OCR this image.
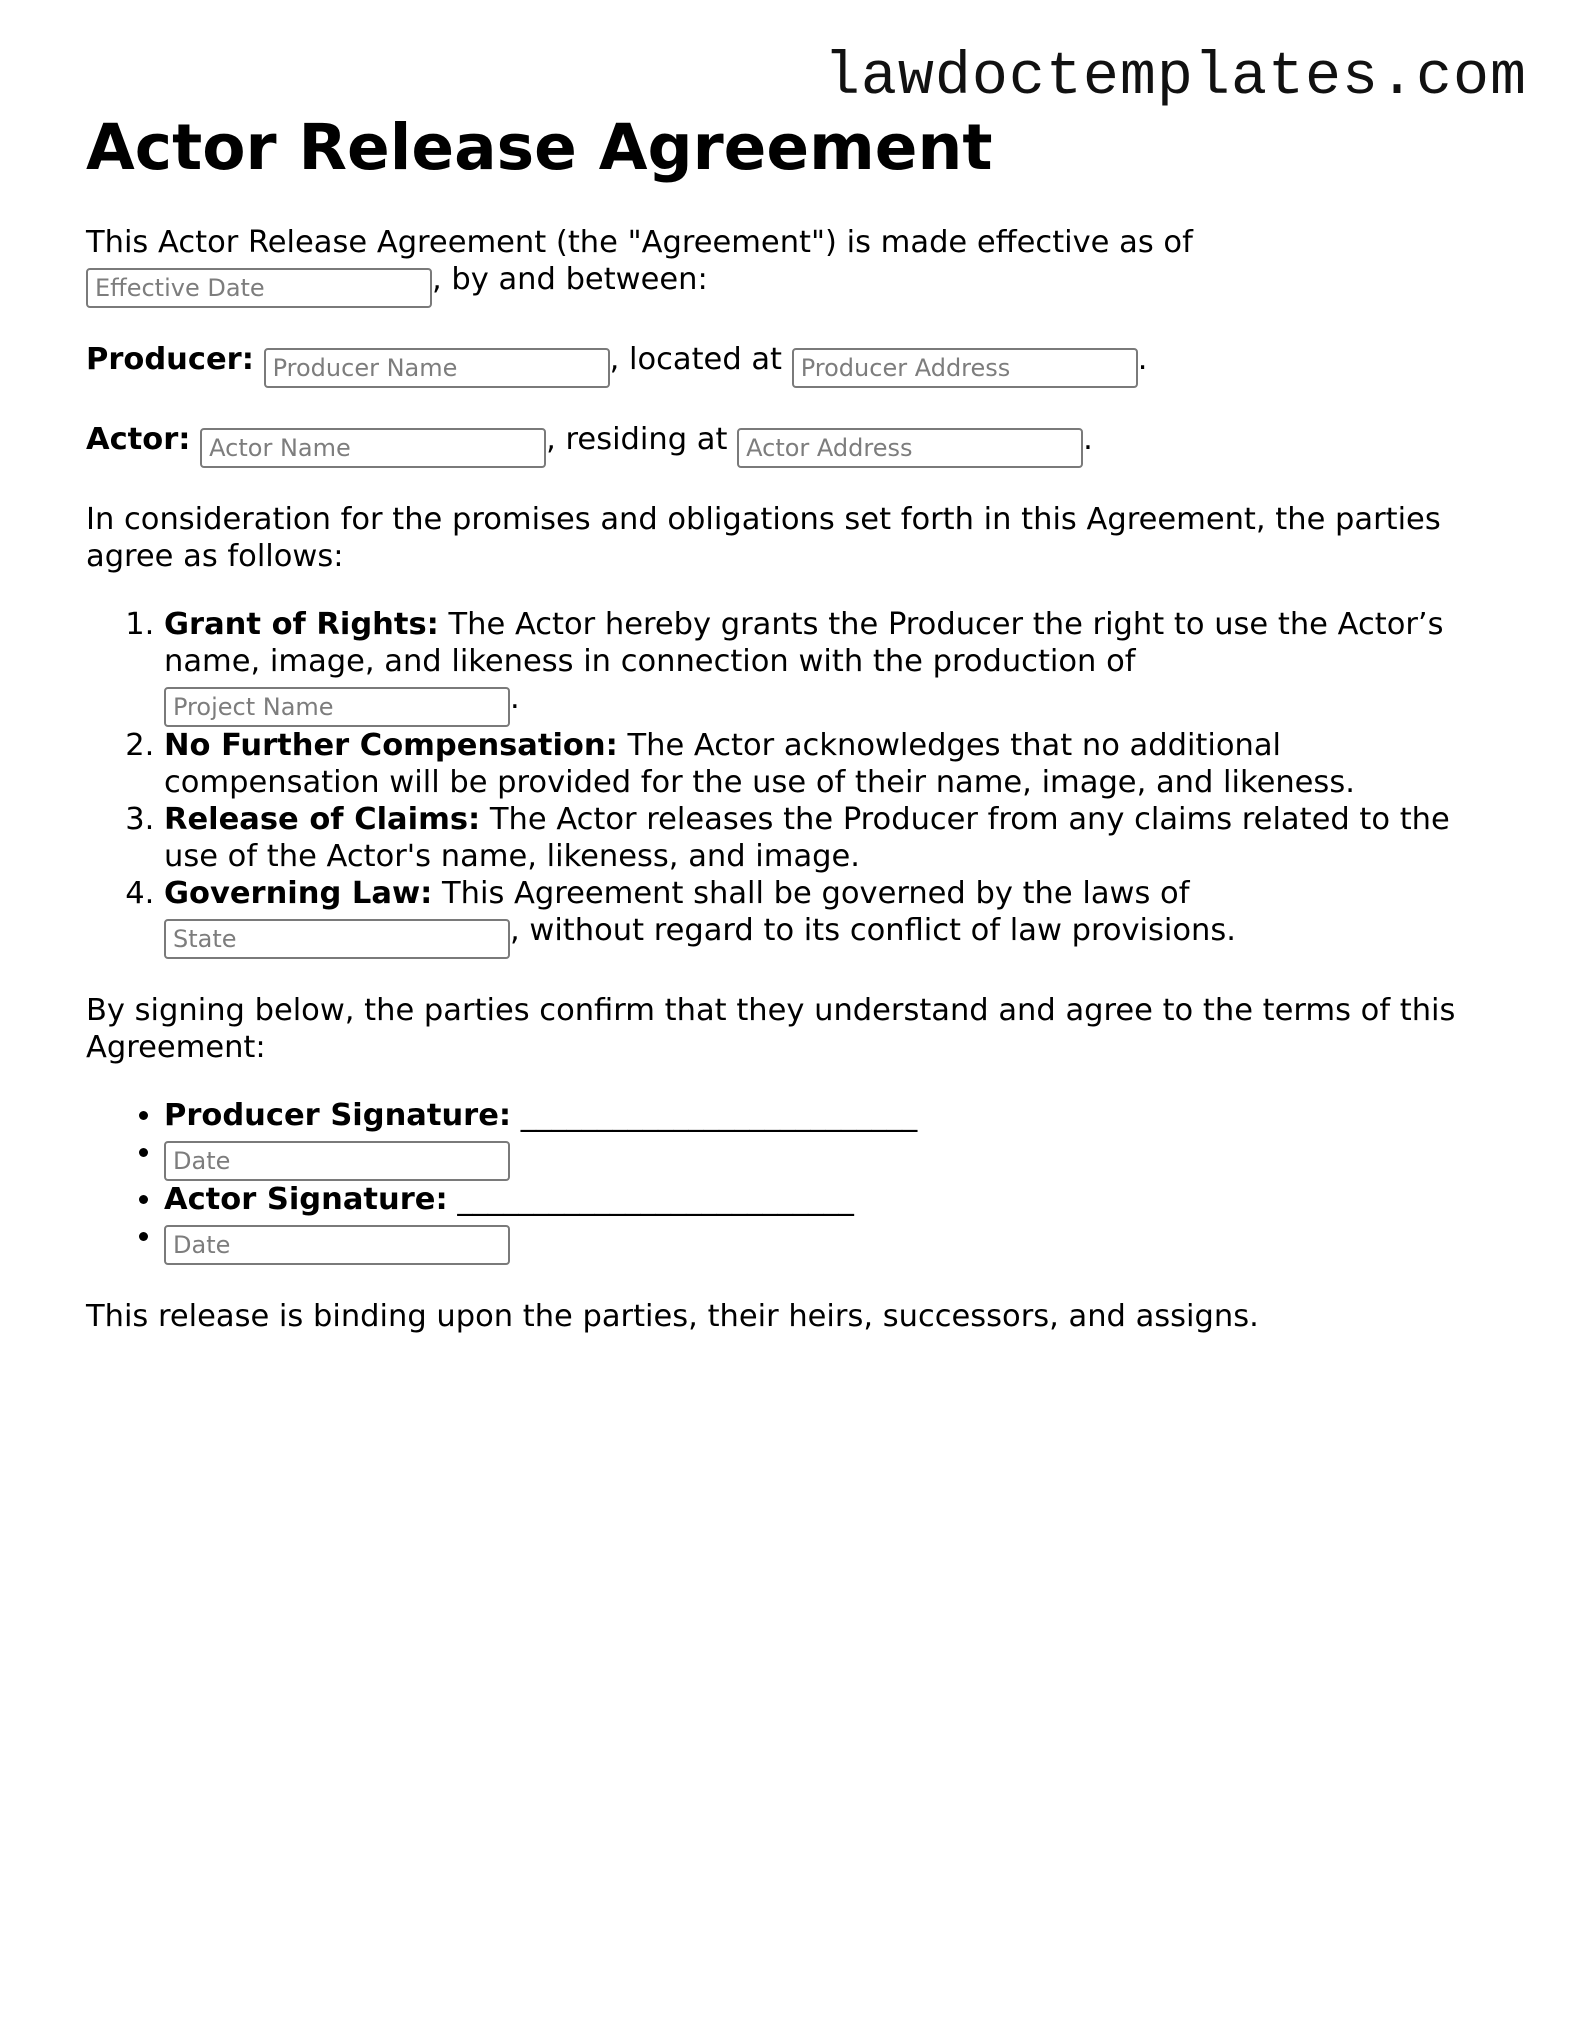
lawdoctemplates.com
Actor Release Agreement

This Actor Release Agreement (the "Agreement") is made effective as of
Effective Date, by and between:

Producer: Producer Name	, located at Producer Address	.

Actor: Actor Name	, residing at Actor Address	.

In consideration for the promises and obligations set forth in this Agreement, the parties agree as follows:

1. Grant of Rights: The Actor hereby grants the Producer the right to use the Actor’s name, image, and likeness in connection with the production of
Project Name.
2. No Further Compensation: The Actor acknowledges that no additional compensation will be provided for the use of their name, image, and likeness.
3. Release of Claims: The Actor releases the Producer from any claims related to the use of the Actor's name, likeness, and image.
4. Governing Law: This Agreement shall be governed by the laws of
State, without regard to its conflict of law provisions.

By signing below, the parties confirm that they understand and agree to the terms of this Agreement:

• Producer Signature: __________________________
• Date
• Actor Signature: __________________________
• Date

This release is binding upon the parties, their heirs, successors, and assigns.
